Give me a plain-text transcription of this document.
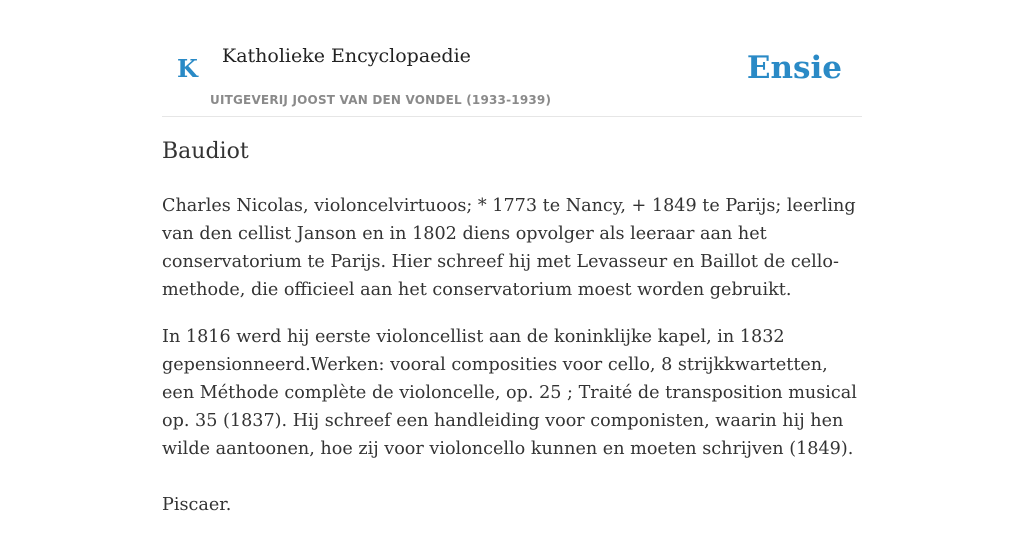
K Katholieke Encyclopaedie
UITGEVERIJ JOOST VAN DEN VONDEL (1933-1939)
Ensie
Baudiot

Charles Nicolas, violoncelvirtuoos; * 1773 te Nancy, + 1849 te Parijs; leerling van den cellist Janson en in 1802 diens opvolger als leeraar aan het conservatorium te Parijs. Hier schreef hij met Levasseur en Baillot de cello-methode, die officieel aan het conservatorium moest worden gebruikt.

In 1816 werd hij eerste violoncellist aan de koninklijke kapel, in 1832 gepensionneerd.Werken: vooral composities voor cello, 8 strijkkwartetten, een Méthode complète de violoncelle, op. 25 ; Traité de transposition musical op. 35 (1837). Hij schreef een handleiding voor componisten, waarin hij hen wilde aantoonen, hoe zij voor violoncello kunnen en moeten schrijven (1849).

Piscaer.
